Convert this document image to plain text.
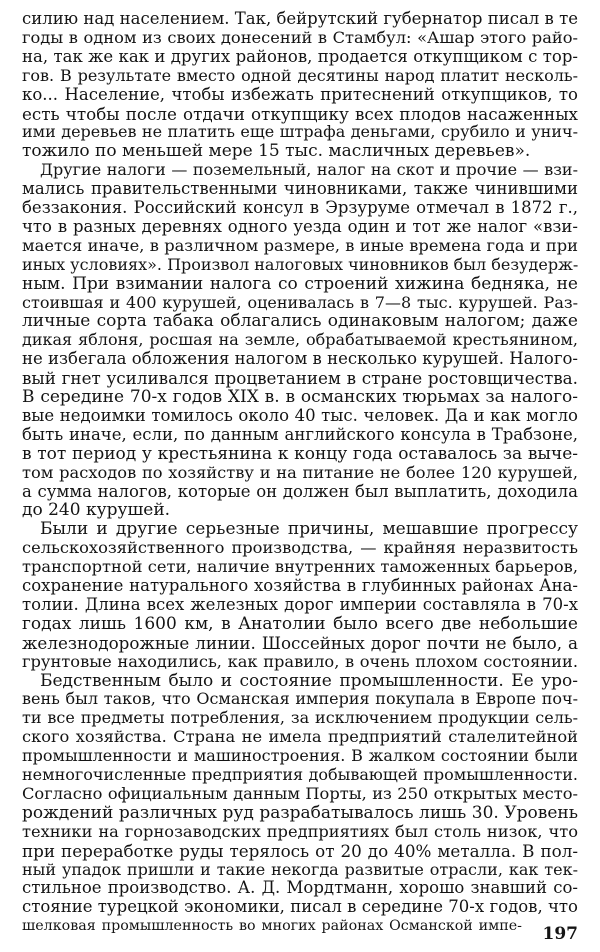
силию над населением. Так, бейрутский губернатор писал в те
годы в одном из своих донесений в Стамбул: «Ашар этого райо-
на, так же как и других районов, продается откупщиком с тор-
гов. В результате вместо одной десятины народ платит несколь-
ко... Население, чтобы избежать притеснений откупщиков, то
есть чтобы после отдачи откупщику всех плодов насаженных
ими деревьев не платить еще штрафа деньгами, срубило и унич-
тожило по меньшей мере 15 тыс. масличных деревьев».
Другие налоги — поземельный, налог на скот и прочие — взи-
мались правительственными чиновниками, также чинившими
беззакония. Российский консул в Эрзуруме отмечал в 1872 г.,
что в разных деревнях одного уезда один и тот же налог «взи-
мается иначе, в различном размере, в иные времена года и при
иных условиях». Произвол налоговых чиновников был безудерж-
ным. При взимании налога со строений хижина бедняка, не
стоившая и 400 курушей, оценивалась в 7—8 тыс. курушей. Раз-
личные сорта табака облагались одинаковым налогом; даже
дикая яблоня, росшая на земле, обрабатываемой крестьянином,
не избегала обложения налогом в несколько курушей. Налого-
вый гнет усиливался процветанием в стране ростовщичества.
В середине 70-х годов XIX в. в османских тюрьмах за налого-
вые недоимки томилось около 40 тыс. человек. Да и как могло
быть иначе, если, по данным английского консула в Трабзоне,
в тот период у крестьянина к концу года оставалось за выче-
том расходов по хозяйству и на питание не более 120 курушей,
а сумма налогов, которые он должен был выплатить, доходила
до 240 курушей.
Были и другие серьезные причины, мешавшие прогрессу
сельскохозяйственного производства, — крайняя неразвитость
транспортной сети, наличие внутренних таможенных барьеров,
сохранение натурального хозяйства в глубинных районах Ана-
толии. Длина всех железных дорог империи составляла в 70-х
годах лишь 1600 км, в Анатолии было всего две небольшие
железнодорожные линии. Шоссейных дорог почти не было, а
грунтовые находились, как правило, в очень плохом состоянии.
Бедственным было и состояние промышленности. Ее уро-
вень был таков, что Османская империя покупала в Европе поч-
ти все предметы потребления, за исключением продукции сель-
ского хозяйства. Страна не имела предприятий сталелитейной
промышленности и машиностроения. В жалком состоянии были
немногочисленные предприятия добывающей промышленности.
Согласно официальным данным Порты, из 250 открытых место-
рождений различных руд разрабатывалось лишь 30. Уровень
техники на горнозаводских предприятиях был столь низок, что
при переработке руды терялось от 20 до 40% металла. В пол-
ный упадок пришли и такие некогда развитые отрасли, как тек-
стильное производство. А. Д. Мордтманн, хорошо знавший со-
стояние турецкой экономики, писал в середине 70-х годов, что
шелковая промышленность во многих районах Османской импе- 197
